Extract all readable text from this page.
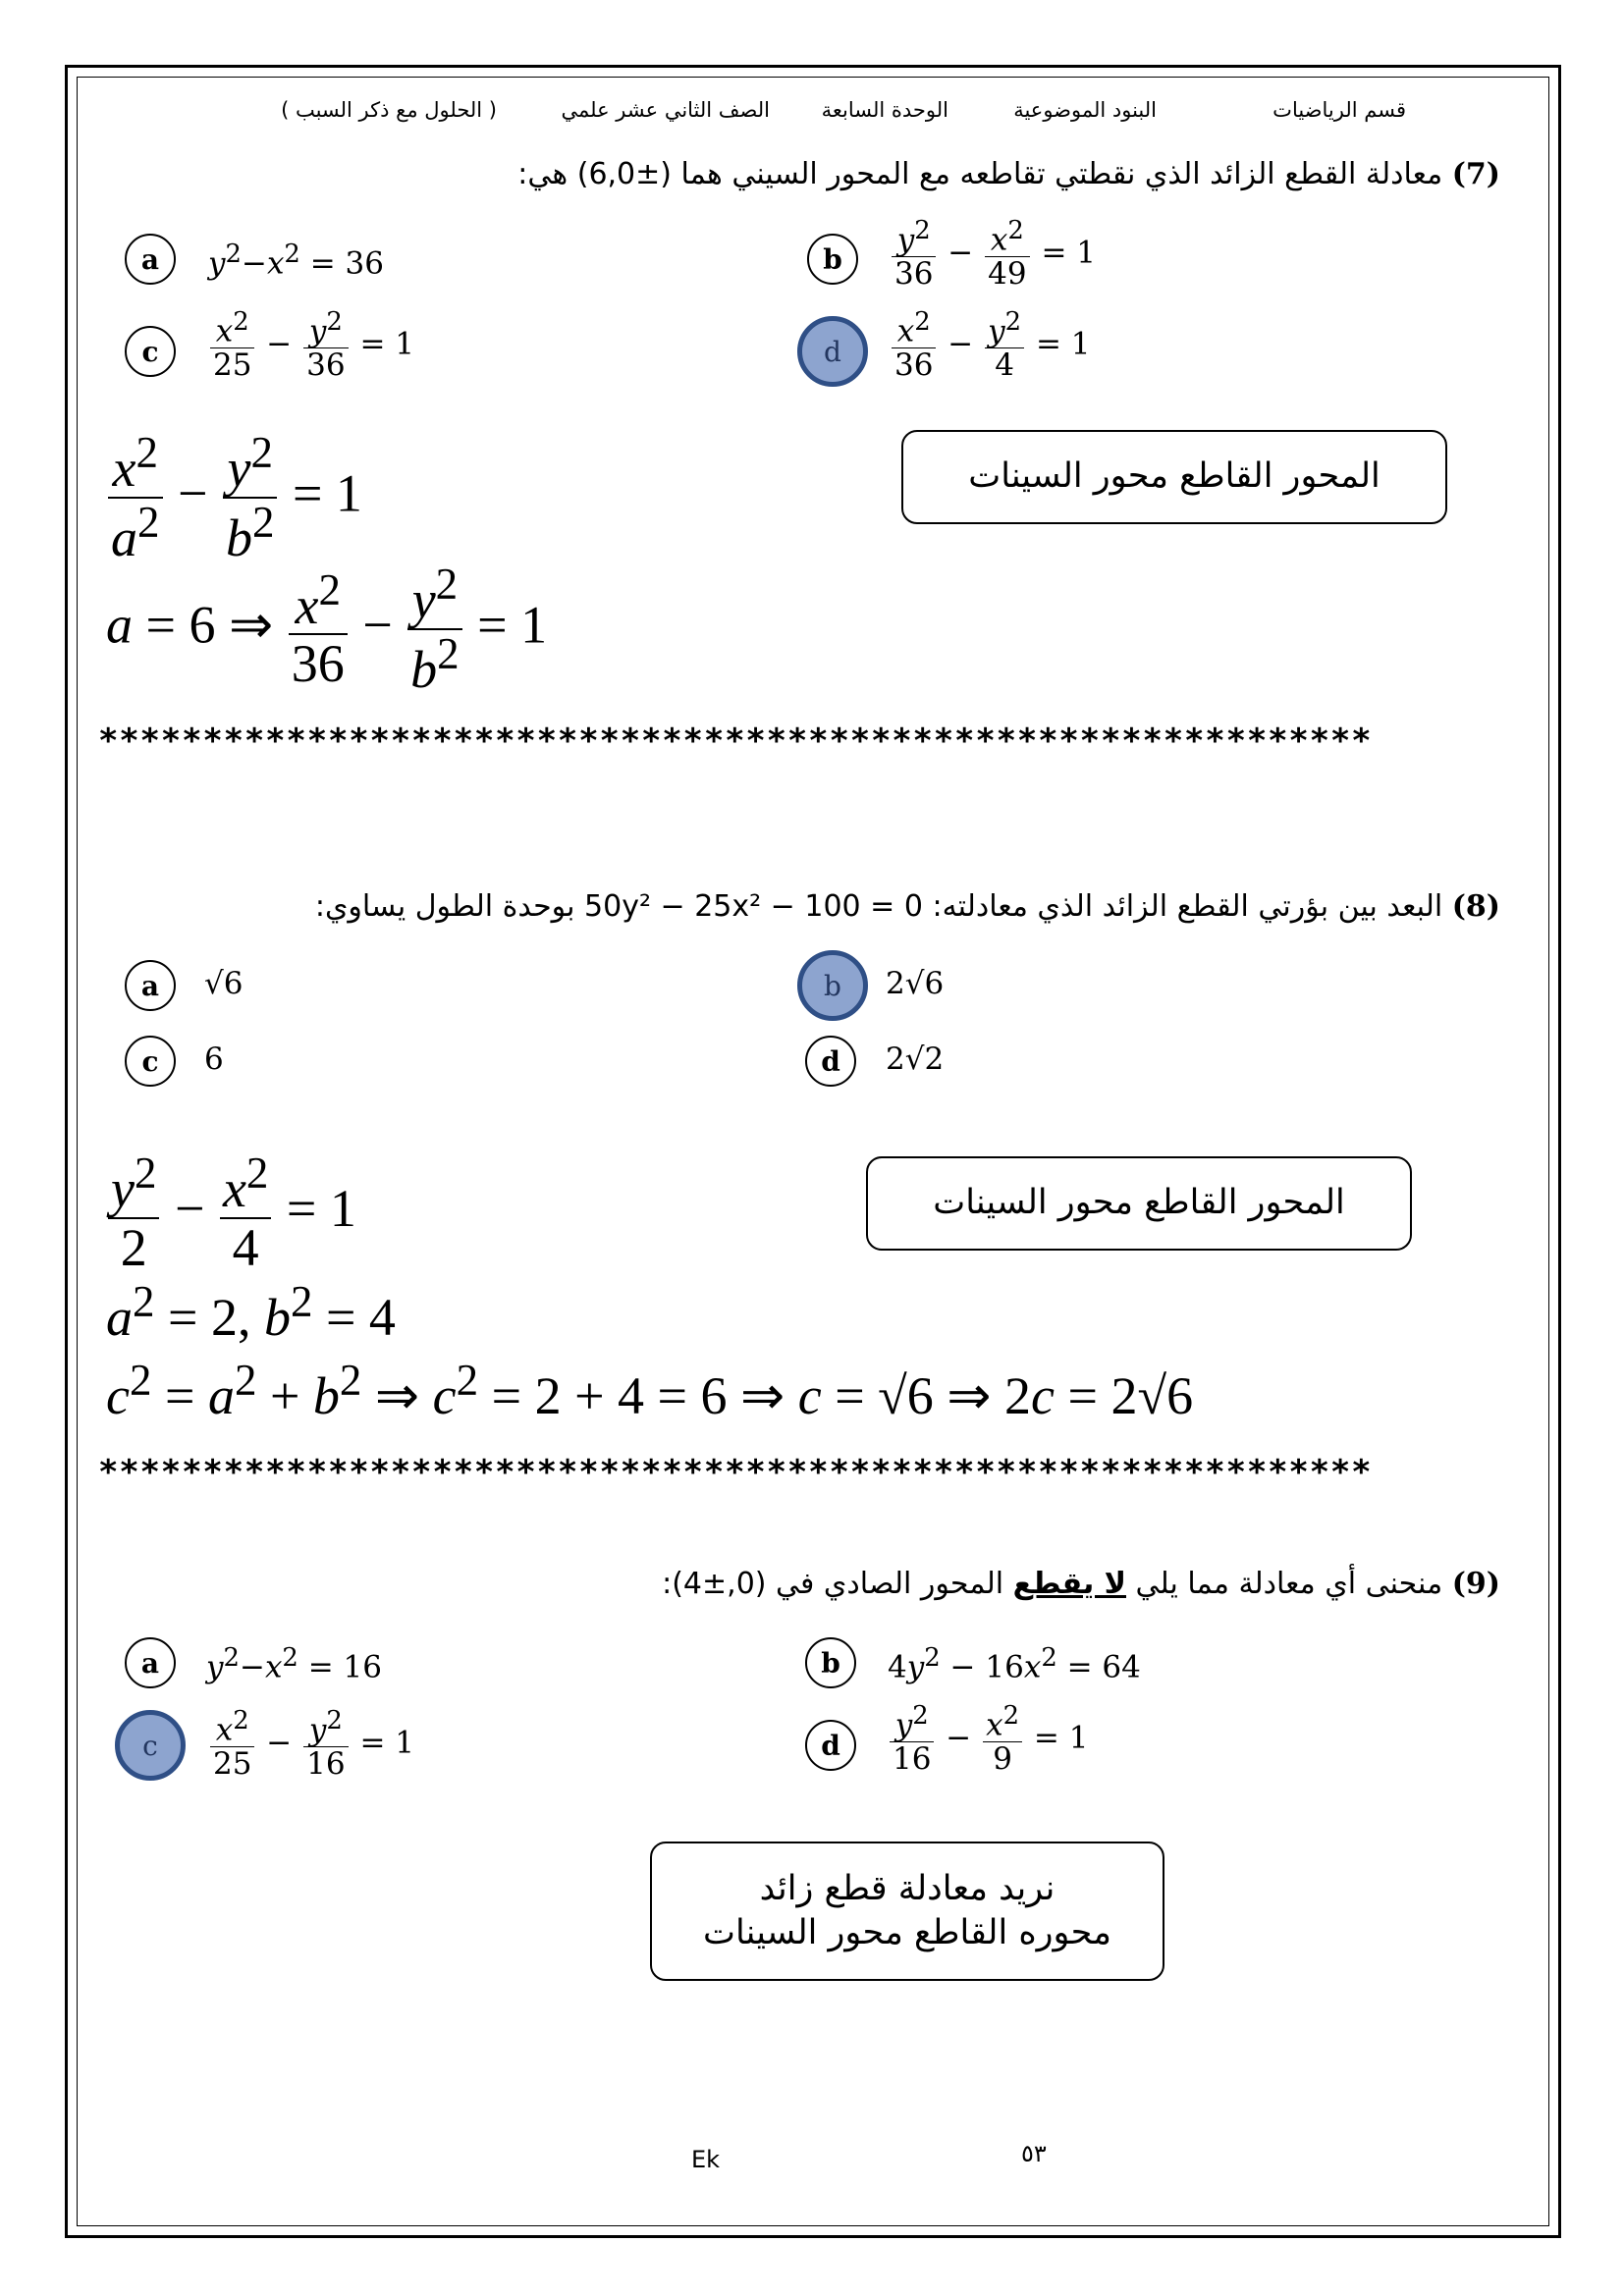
قسم الرياضيات
البنود الموضوعية
الوحدة السابعة
الصف الثاني عشر علمي
( الحلول مع ذكر السبب )
(7) معادلة القطع الزائد الذي نقطتي تقاطعه مع المحور السيني هما (±6,0) هي:
a	$y^2-x^2 = 36$	b	$\frac{y^2}{36} - \frac{x^2}{49} = 1$
c	$\frac{x^2}{25} - \frac{y^2}{36} = 1$	d	$\frac{x^2}{36} - \frac{y^2}{4} = 1$
المحور القاطع محور السينات
$\frac{x^2}{a^2} - \frac{y^2}{b^2} = 1$
a = 6 ⇒ $\frac{x^2}{36} - \frac{y^2}{b^2} = 1$
*************************************************************
(8) البعد بين بؤرتي القطع الزائد الذي معادلته: 50y² − 25x² − 100 = 0 بوحدة الطول يساوي:
a	√6	b	2√6
c	6	d	2√2
المحور القاطع محور السينات
$\frac{y^2}{2} - \frac{x^2}{4} = 1$
$a^2 = 2$, $b^2 = 4$
$c^2 = a^2 + b^2$ ⇒ $c^2 = 2 + 4 = 6$ ⇒ c = √6 ⇒ 2c = 2√6
*************************************************************
(9) منحنى أي معادلة مما يلي لا يقطع المحور الصادي في (0,±4):
a	$y^2-x^2 = 16$	b	$4y^2 - 16x^2 = 64$
c	$\frac{x^2}{25} - \frac{y^2}{16} = 1$	d	$\frac{y^2}{16} - \frac{x^2}{9} = 1$
نريد معادلة قطع زائد
محوره القاطع محور السينات
Ek	٥٣
